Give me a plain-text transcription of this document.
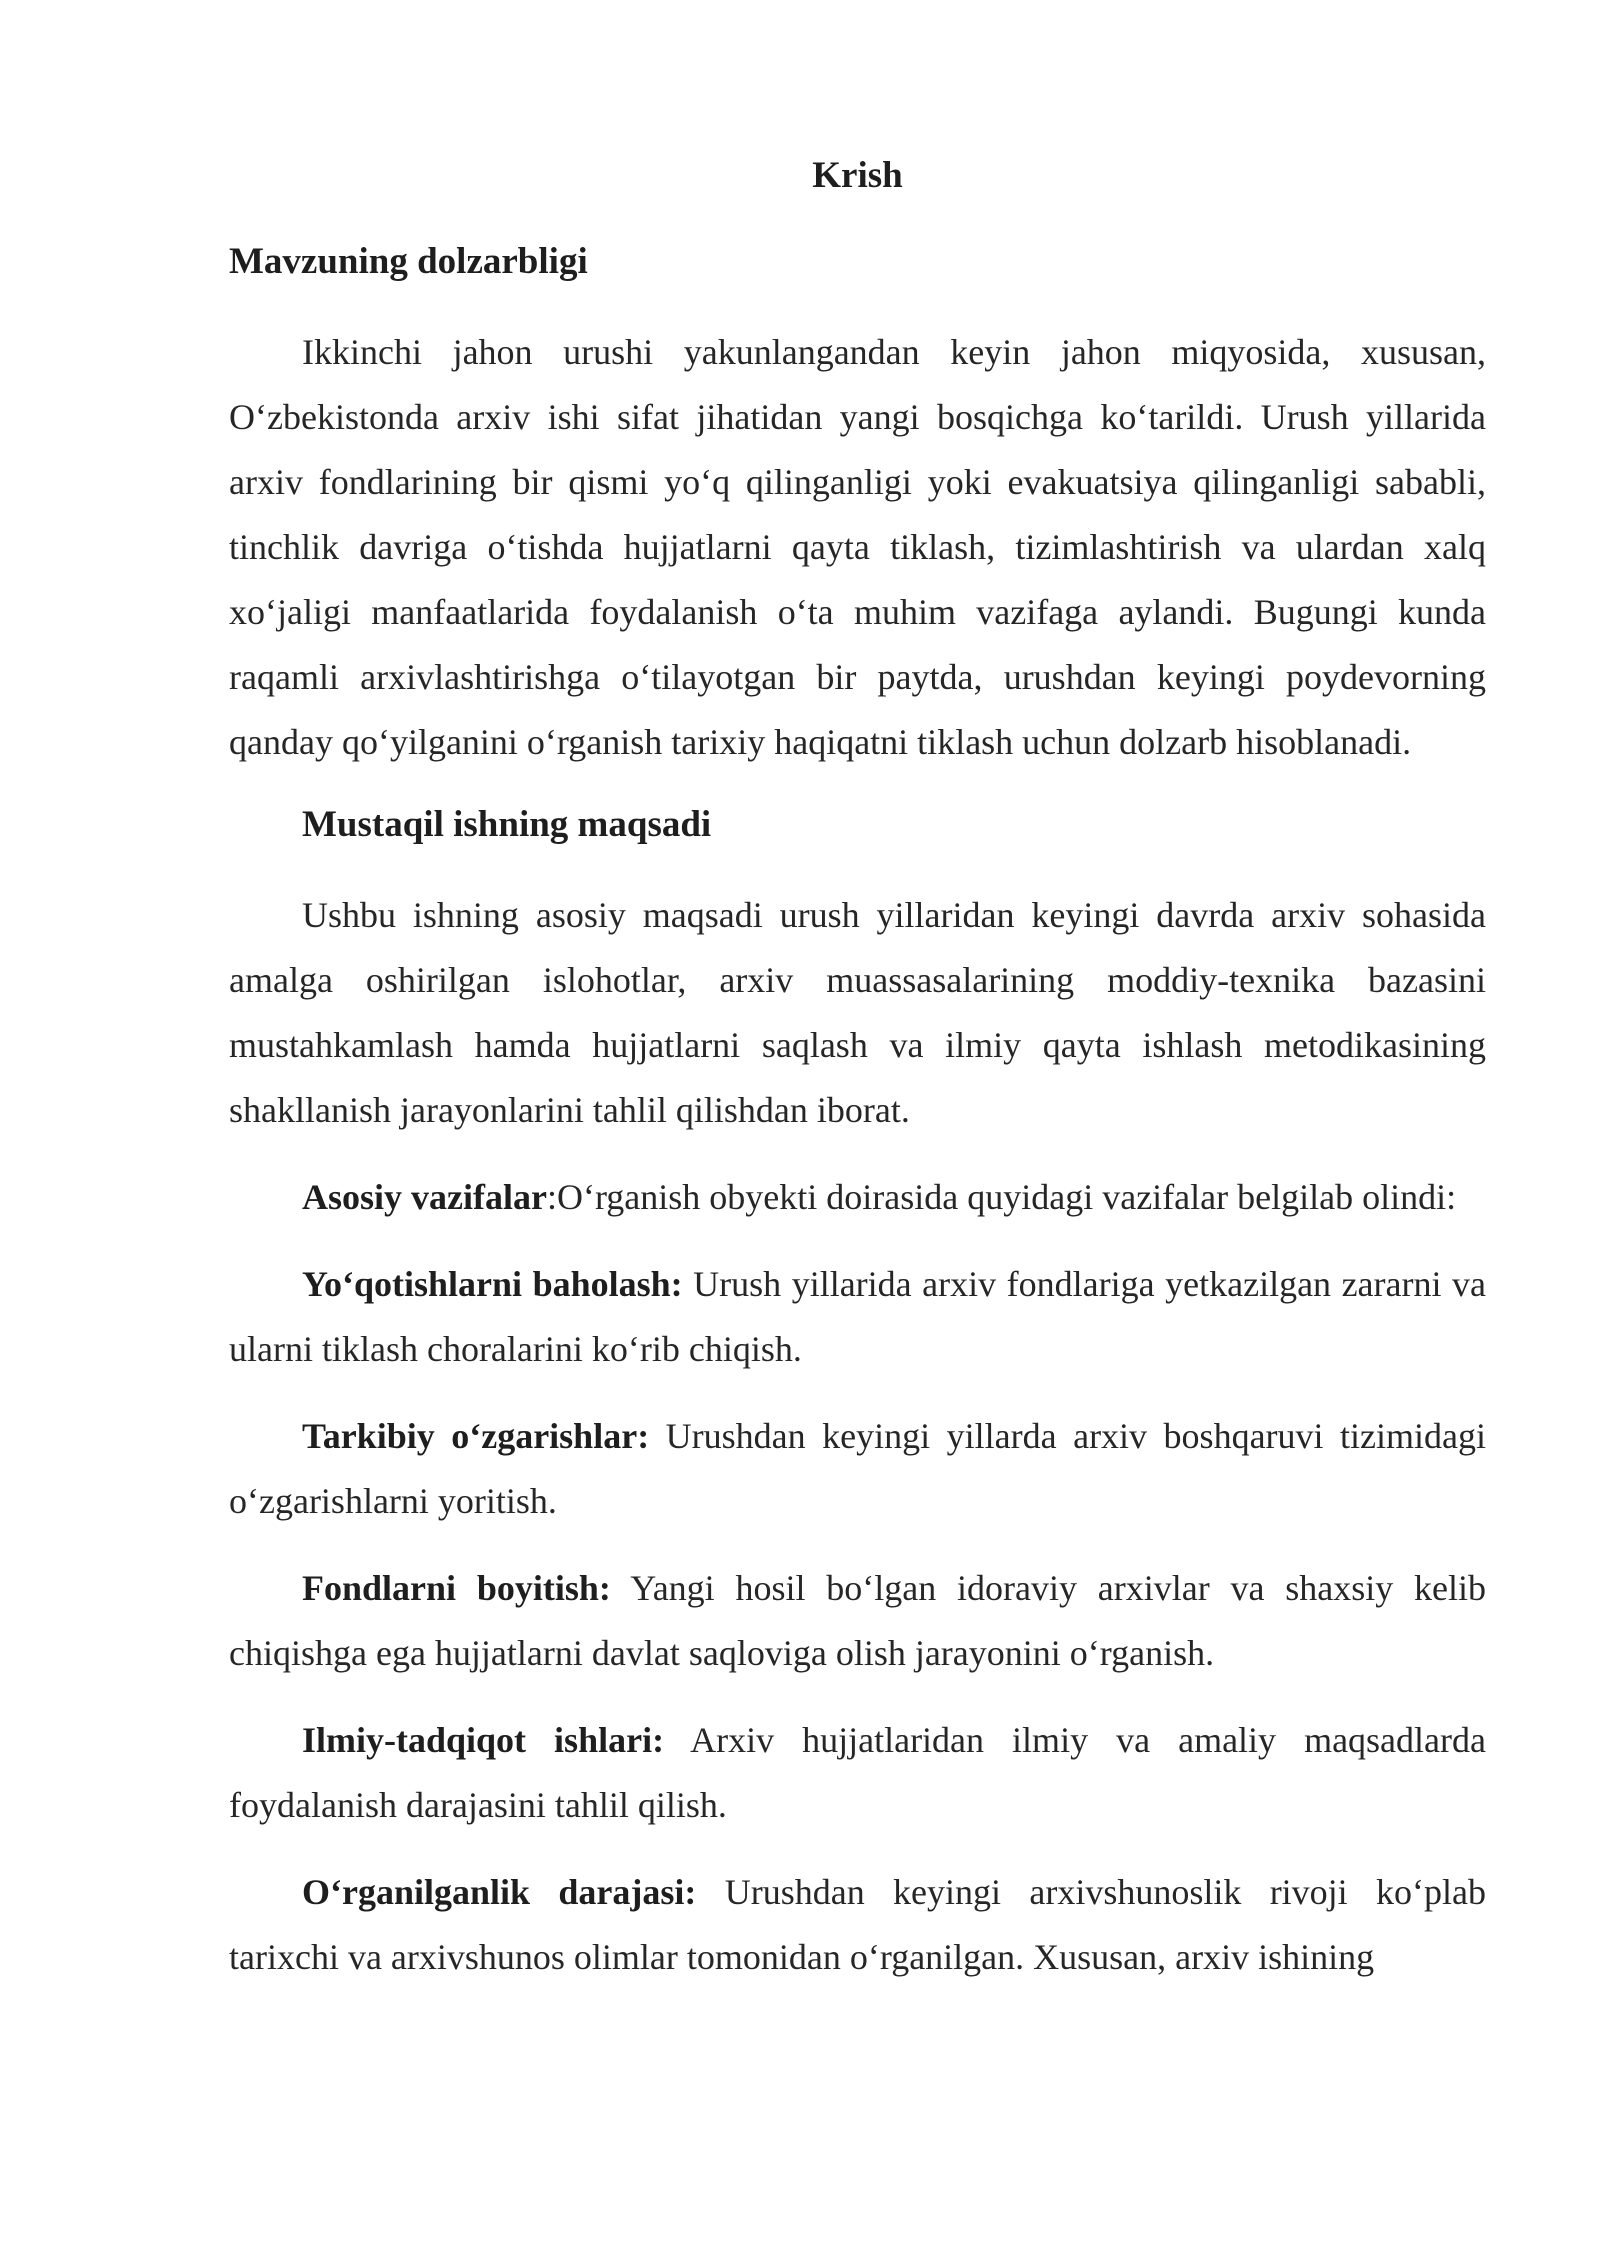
Krish
Mavzuning dolzarbligi

Ikkinchi jahon urushi yakunlangandan keyin jahon miqyosida, xususan, O‘zbekistonda arxiv ishi sifat jihatidan yangi bosqichga ko‘tarildi. Urush yillarida arxiv fondlarining bir qismi yo‘q qilinganligi yoki evakuatsiya qilinganligi sababli, tinchlik davriga o‘tishda hujjatlarni qayta tiklash, tizimlashtirish va ulardan xalq xo‘jaligi manfaatlarida foydalanish o‘ta muhim vazifaga aylandi. Bugungi kunda raqamli arxivlashtirishga o‘tilayotgan bir paytda, urushdan keyingi poydevorning qanday qo‘yilganini o‘rganish tarixiy haqiqatni tiklash uchun dolzarb hisoblanadi.

Mustaqil ishning maqsadi

Ushbu ishning asosiy maqsadi urush yillaridan keyingi davrda arxiv sohasida amalga oshirilgan islohotlar, arxiv muassasalarining moddiy-texnika bazasini mustahkamlash hamda hujjatlarni saqlash va ilmiy qayta ishlash metodikasining shakllanish jarayonlarini tahlil qilishdan iborat.

Asosiy vazifalar:O‘rganish obyekti doirasida quyidagi vazifalar belgilab olindi:

Yo‘qotishlarni baholash: Urush yillarida arxiv fondlariga yetkazilgan zararni va ularni tiklash choralarini ko‘rib chiqish.

Tarkibiy o‘zgarishlar: Urushdan keyingi yillarda arxiv boshqaruvi tizimidagi o‘zgarishlarni yoritish.

Fondlarni boyitish: Yangi hosil bo‘lgan idoraviy arxivlar va shaxsiy kelib chiqishga ega hujjatlarni davlat saqloviga olish jarayonini o‘rganish.

Ilmiy-tadqiqot ishlari: Arxiv hujjatlaridan ilmiy va amaliy maqsadlarda foydalanish darajasini tahlil qilish.

O‘rganilganlik darajasi: Urushdan keyingi arxivshunoslik rivoji ko‘plab tarixchi va arxivshunos olimlar tomonidan o‘rganilgan. Xususan, arxiv ishining
